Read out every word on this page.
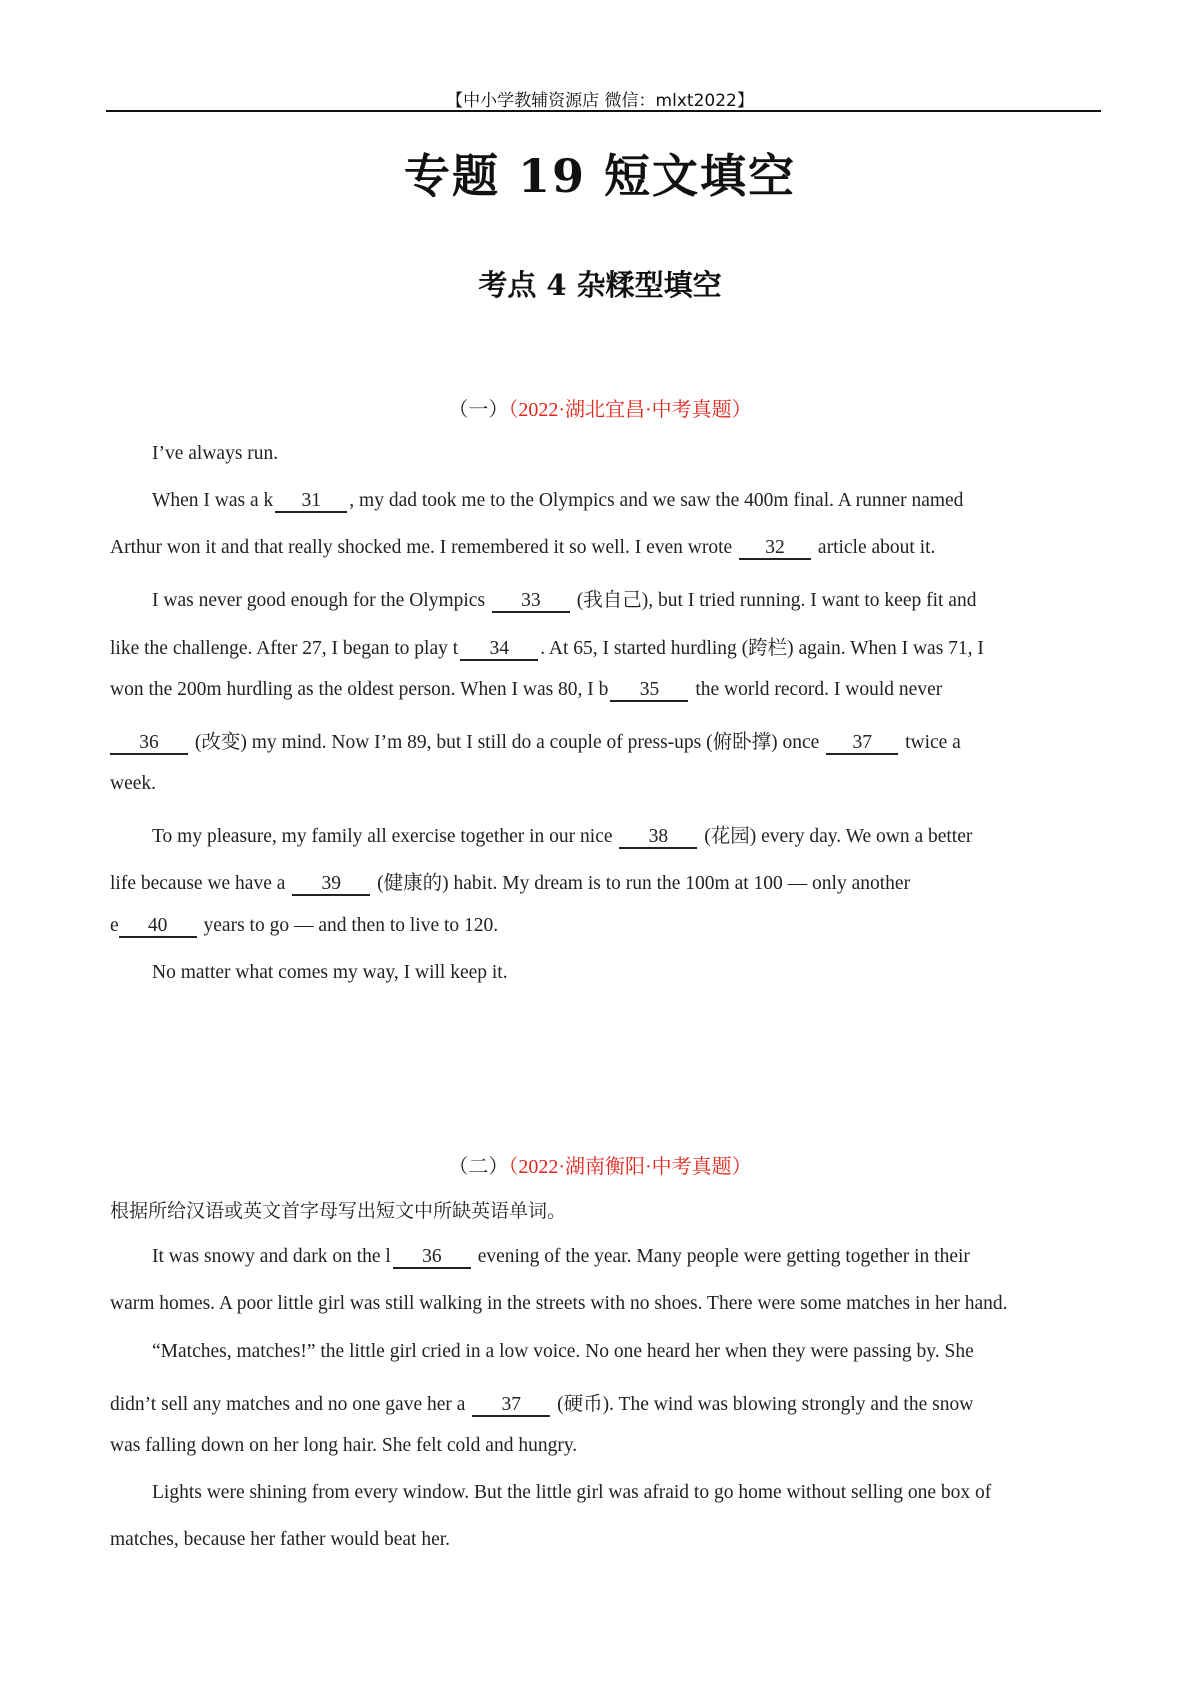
【中小学教辅资源店 微信：mlxt2022】
专题 19 短文填空
考点 4 杂糅型填空
（一）（2022·湖北宜昌·中考真题）
I’ve always run.
When I was a k 31 , my dad took me to the Olympics and we saw the 400m final. A runner named
Arthur won it and that really shocked me. I remembered it so well. I even wrote 32 article about it.
I was never good enough for the Olympics 33 (我自己), but I tried running. I want to keep fit and
like the challenge. After 27, I began to play t 34 . At 65, I started hurdling (跨栏) again. When I was 71, I
won the 200m hurdling as the oldest person. When I was 80, I b 35 the world record. I would never
36 (改变) my mind. Now I’m 89, but I still do a couple of press-ups (俯卧撑) once 37 twice a
week.
To my pleasure, my family all exercise together in our nice 38 (花园) every day. We own a better
life because we have a 39 (健康的) habit. My dream is to run the 100m at 100 — only another
e 40 years to go — and then to live to 120.
No matter what comes my way, I will keep it.
（二）（2022·湖南衡阳·中考真题）
根据所给汉语或英文首字母写出短文中所缺英语单词。
It was snowy and dark on the l 36 evening of the year. Many people were getting together in their
warm homes. A poor little girl was still walking in the streets with no shoes. There were some matches in her hand.
“Matches, matches!” the little girl cried in a low voice. No one heard her when they were passing by. She
didn’t sell any matches and no one gave her a 37 (硬币). The wind was blowing strongly and the snow
was falling down on her long hair. She felt cold and hungry.
Lights were shining from every window. But the little girl was afraid to go home without selling one box of
matches, because her father would beat her.
